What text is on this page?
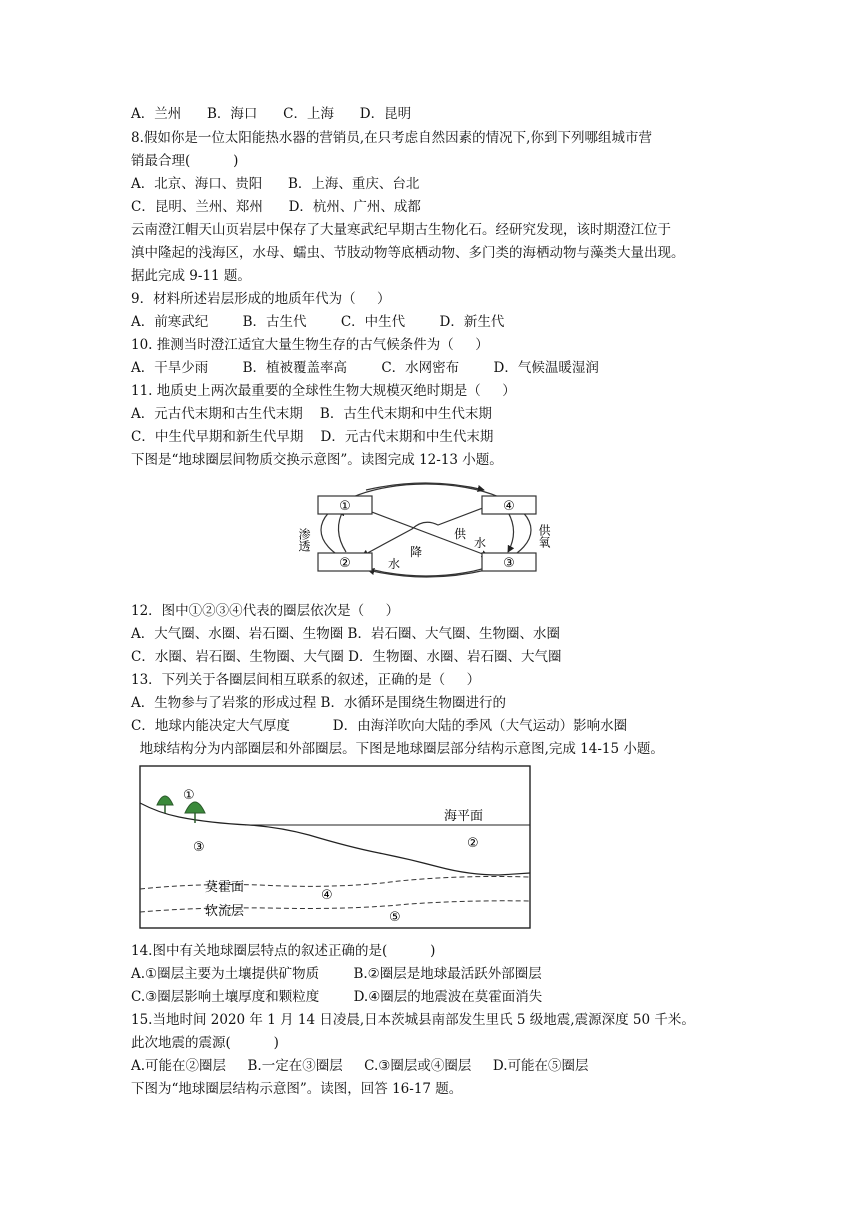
A．兰州      B．海口      C．上海      D．昆明
8.假如你是一位太阳能热水器的营销员,在只考虑自然因素的情况下,你到下列哪组城市营
销最合理(          )
A．北京、海口、贵阳      B．上海、重庆、台北
C．昆明、兰州、郑州      D．杭州、广州、成都
云南澄江帽天山页岩层中保存了大量寒武纪早期古生物化石。经研究发现，该时期澄江位于
滇中隆起的浅海区，水母、蠕虫、节肢动物等底栖动物、多门类的海栖动物与藻类大量出现。
据此完成 9-11 题。
9．材料所述岩层形成的地质年代为（     ）
A．前寒武纪        B．古生代        C．中生代        D．新生代
10. 推测当时澄江适宜大量生物生存的古气候条件为（     ）
A．干旱少雨        B．植被覆盖率高        C．水网密布        D．气候温暖湿润
11. 地质史上两次最重要的全球性生物大规模灭绝时期是（     ）
A．元古代末期和古生代末期    B．古生代末期和中生代末期
C．中生代早期和新生代早期    D．元古代末期和中生代末期
下图是“地球圈层间物质交换示意图”。读图完成 12-13 小题。
①	④
②	③
渗透	供氧
供
水
降
水
12．图中①②③④代表的圈层依次是（     ）
A．大气圈、水圈、岩石圈、生物圈 B．岩石圈、大气圈、生物圈、水圈
C．水圈、岩石圈、生物圈、大气圈 D．生物圈、水圈、岩石圈、大气圈
13．下列关于各圈层间相互联系的叙述，正确的是（     ）
A．生物参与了岩浆的形成过程 B．水循环是围绕生物圈进行的
C．地球内能决定大气厚度          D．由海洋吹向大陆的季风（大气运动）影响水圈
地球结构分为内部圈层和外部圈层。下图是地球圈层部分结构示意图,完成 14-15 小题。
海平面
莫霍面
软流层
①
②
③
④
⑤
14.图中有关地球圈层特点的叙述正确的是(          )
A.①圈层主要为土壤提供矿物质        B.②圈层是地球最活跃外部圈层
C.③圈层影响土壤厚度和颗粒度        D.④圈层的地震波在莫霍面消失
15.当地时间 2020 年 1 月 14 日凌晨,日本茨城县南部发生里氏 5 级地震,震源深度 50 千米。
此次地震的震源(          )
A.可能在②圈层     B.一定在③圈层     C.③圈层或④圈层     D.可能在⑤圈层
下图为“地球圈层结构示意图”。读图，回答 16-17 题。
